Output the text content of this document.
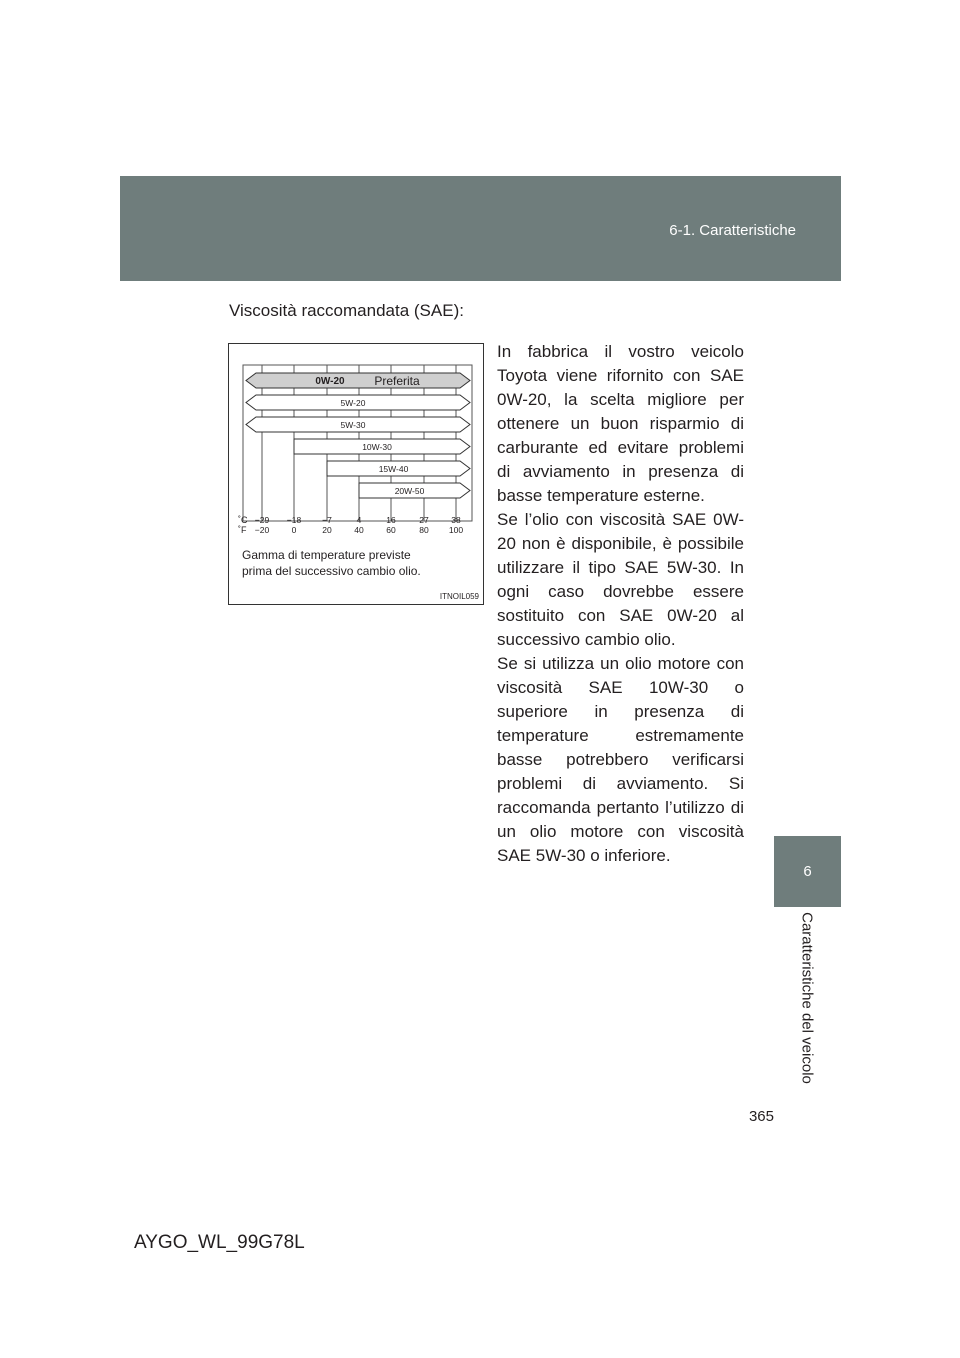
6-1. Caratteristiche
6
Caratteristiche del veicolo
Viscosità raccomandata (SAE):
In fabbrica il vostro veicolo Toyota viene rifornito con SAE 0W-20, la scelta migliore per ottenere un buon risparmio di carburante ed evitare problemi di avviamento in presenza di basse temperature esterne.
Se l’olio con viscosità SAE 0W-20 non è disponibile, è possibile utilizzare il tipo SAE 5W-30. In ogni caso dovrebbe essere sostituito con SAE 0W-20 al successivo cambio olio.
Se si utilizza un olio motore con viscosità SAE 10W-30 o superiore in presenza di temperature estremamente basse potrebbero verificarsi problemi di avviamento. Si raccomanda pertanto l’utilizzo di un olio motore con viscosità SAE 5W-30 o inferiore.
0W-20 Preferita
5W-20
5W-30
10W-30
15W-40
20W-50
−29
−20
−18
0
−7
20
4
40
16
60
27
80
38
100
˚C
˚F
Gamma di temperature previste
prima del successivo cambio olio.
ITNOIL059
365
AYGO_WL_99G78L
